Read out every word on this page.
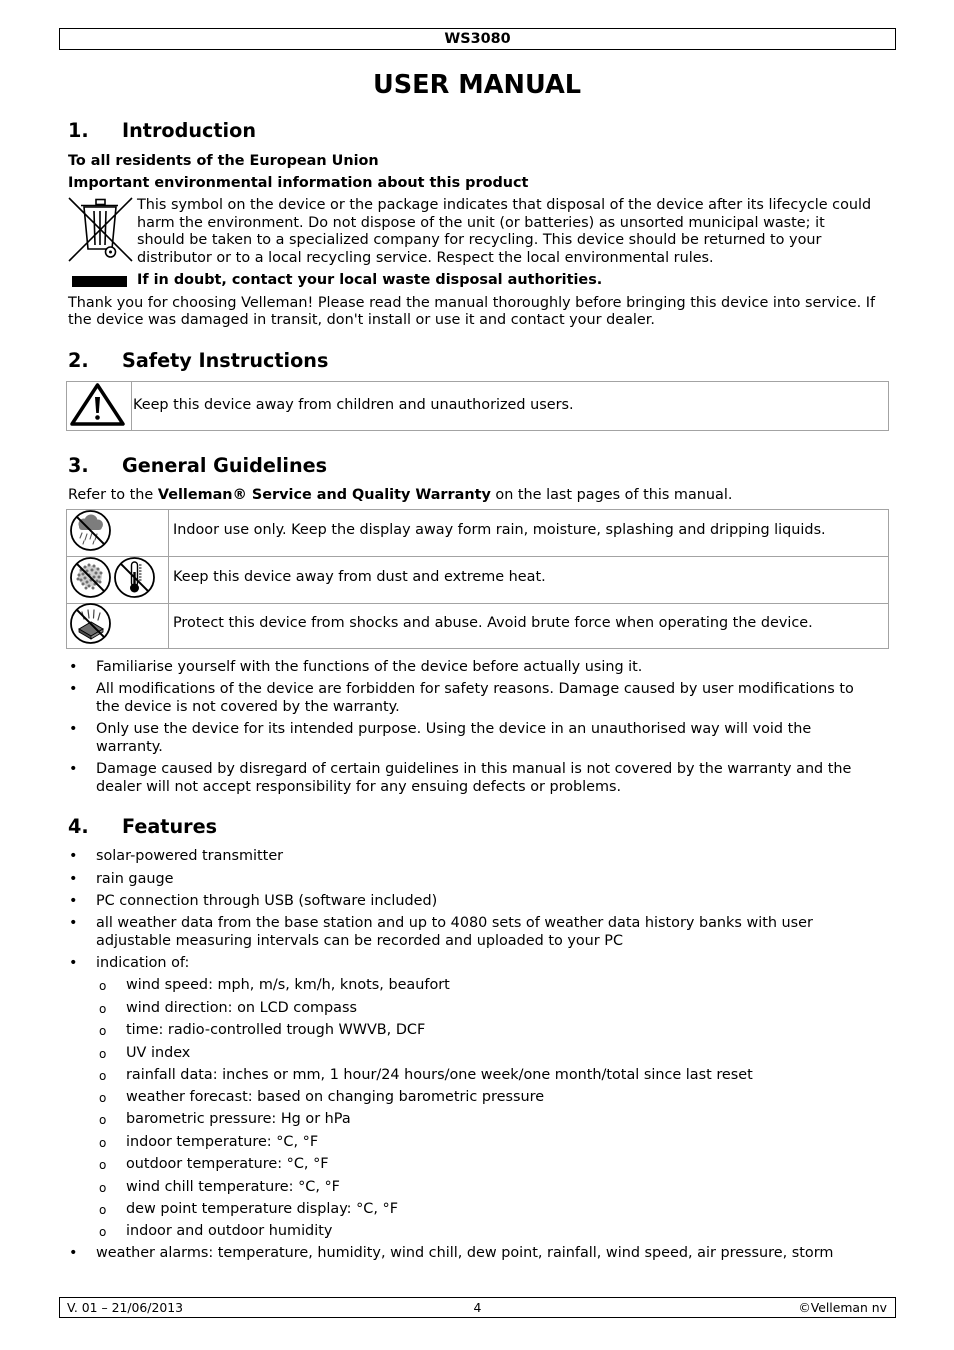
WS3080
USER MANUAL
1. Introduction
To all residents of the European Union
Important environmental information about this product
This symbol on the device or the package indicates that disposal of the device after its lifecycle could
harm the environment. Do not dispose of the unit (or batteries) as unsorted municipal waste; it
should be taken to a specialized company for recycling. This device should be returned to your
distributor or to a local recycling service. Respect the local environmental rules.
If in doubt, contact your local waste disposal authorities.
Thank you for choosing Velleman! Please read the manual thoroughly before bringing this device into service. If
the device was damaged in transit, don't install or use it and contact your dealer.
2. Safety Instructions
Keep this device away from children and unauthorized users.
3. General Guidelines
Refer to the Velleman® Service and Quality Warranty on the last pages of this manual.
Indoor use only. Keep the display away form rain, moisture, splashing and dripping liquids.
Keep this device away from dust and extreme heat.
Protect this device from shocks and abuse. Avoid brute force when operating the device.
• Familiarise yourself with the functions of the device before actually using it.
• All modifications of the device are forbidden for safety reasons. Damage caused by user modifications to
the device is not covered by the warranty.
• Only use the device for its intended purpose. Using the device in an unauthorised way will void the
warranty.
• Damage caused by disregard of certain guidelines in this manual is not covered by the warranty and the
dealer will not accept responsibility for any ensuing defects or problems.
4. Features
• solar-powered transmitter
• rain gauge
• PC connection through USB (software included)
• all weather data from the base station and up to 4080 sets of weather data history banks with user
adjustable measuring intervals can be recorded and uploaded to your PC
• indication of:
o wind speed: mph, m/s, km/h, knots, beaufort
o wind direction: on LCD compass
o time: radio-controlled trough WWVB, DCF
o UV index
o rainfall data: inches or mm, 1 hour/24 hours/one week/one month/total since last reset
o weather forecast: based on changing barometric pressure
o barometric pressure: Hg or hPa
o indoor temperature: °C, °F
o outdoor temperature: °C, °F
o wind chill temperature: °C, °F
o dew point temperature display: °C, °F
o indoor and outdoor humidity
• weather alarms: temperature, humidity, wind chill, dew point, rainfall, wind speed, air pressure, storm
V. 01 – 21/06/2013	4	©Velleman nv
